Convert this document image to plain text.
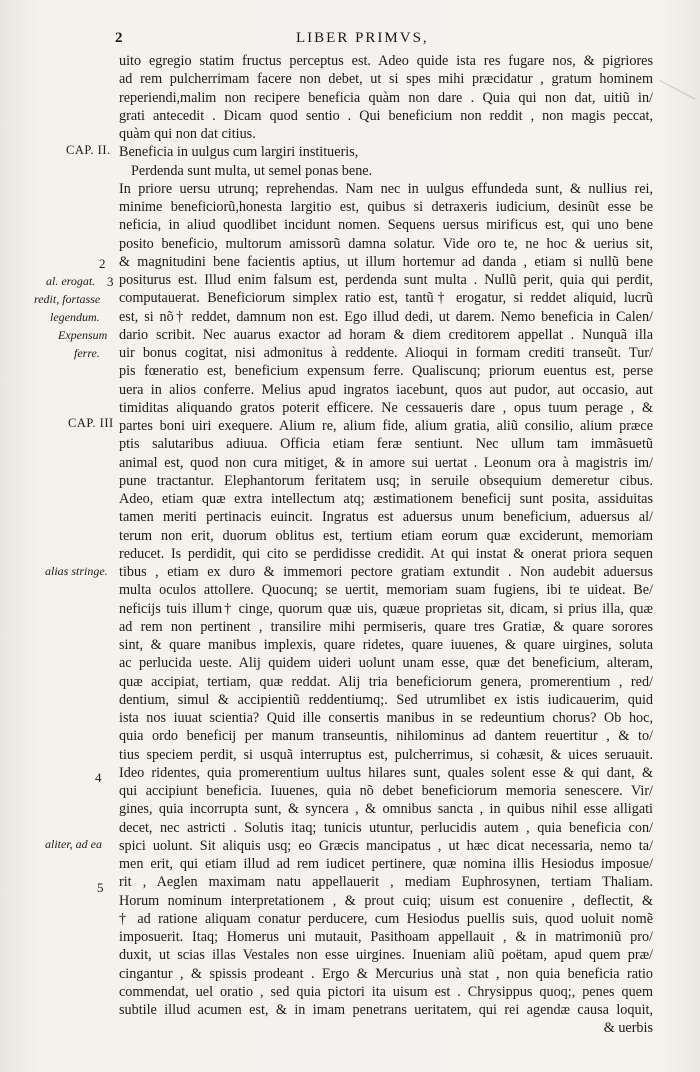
2	LIBER PRIMVS,
uito egregio statim fructus perceptus est. Adeo quide ista res fugare nos, & pigriores
ad rem pulcherrimam facere non debet, ut si spes mihi præcidatur , gratum hominem
reperiendi,malim non recipere beneficia quàm non dare . Quia qui non dat, uitiũ in/
grati antecedit . Dicam quod sentio . Qui beneficium non reddit , non magis peccat,
quàm qui non dat citius.
Beneficia in uulgus cum largiri institueris,
Perdenda sunt multa, ut semel ponas bene.
In priore uersu utrunq; reprehendas. Nam nec in uulgus effundeda sunt, & nullius rei,
minime beneficiorũ,honesta largitio est, quibus si detraxeris iudicium, desinũt esse be
neficia, in aliud quodlibet incidunt nomen. Sequens uersus mirificus est, qui uno bene
posito beneficio, multorum amissorũ damna solatur. Vide oro te, ne hoc & uerius sit,
& magnitudini bene facientis aptius, ut illum hortemur ad danda , etiam si nullũ bene
positurus est. Illud enim falsum est, perdenda sunt multa . Nullũ perit, quia qui perdit,
computauerat. Beneficiorum simplex ratio est, tantũ† erogatur, si reddet aliquid, lucrũ
est, si nõ† reddet, damnum non est. Ego illud dedi, ut darem. Nemo beneficia in Calen/
dario scribit. Nec auarus exactor ad horam & diem creditorem appellat . Nunquã illa
uir bonus cogitat, nisi admonitus à reddente. Alioqui in formam crediti transeũt. Tur/
pis fœneratio est, beneficium expensum ferre. Qualiscunq; priorum euentus est, perse
uera in alios conferre. Melius apud ingratos iacebunt, quos aut pudor, aut occasio, aut
timiditas aliquando gratos poterit efficere. Ne cessaueris dare , opus tuum perage , &
partes boni uiri exequere. Alium re, alium fide, alium gratia, aliũ consilio, alium præce
ptis salutaribus adiuua. Officia etiam feræ sentiunt. Nec ullum tam immãsuetũ
animal est, quod non cura mitiget, & in amore sui uertat . Leonum ora à magistris im/
pune tractantur. Elephantorum feritatem usq; in seruile obsequium demeretur cibus.
Adeo, etiam quæ extra intellectum atq; æstimationem beneficij sunt posita, assiduitas
tamen meriti pertinacis euincit. Ingratus est aduersus unum beneficium, aduersus al/
terum non erit, duorum oblitus est, tertium etiam eorum quæ exciderunt, memoriam
reducet. Is perdidit, qui cito se perdidisse credidit. At qui instat & onerat priora sequen
tibus , etiam ex duro & immemori pectore gratiam extundit . Non audebit aduersus
multa oculos attollere. Quocunq; se uertit, memoriam suam fugiens, ibi te uideat. Be/
neficijs tuis illum† cinge, quorum quæ uis, quæue proprietas sit, dicam, si prius illa, quæ
ad rem non pertinent , transilire mihi permiseris, quare tres Gratiæ, & quare sorores
sint, & quare manibus implexis, quare ridetes, quare iuuenes, & quare uirgines, soluta
ac perlucida ueste. Alij quidem uideri uolunt unam esse, quæ det beneficium, alteram,
quæ accipiat, tertiam, quæ reddat. Alij tria beneficiorum genera, promerentium , red/
dentium, simul & accipientiũ reddentiumq;. Sed utrumlibet ex istis iudicauerim, quid
ista nos iuuat scientia? Quid ille consertis manibus in se redeuntium chorus? Ob hoc,
quia ordo beneficij per manum transeuntis, nihilominus ad dantem reuertitur , & to/
tius speciem perdit, si usquã interruptus est, pulcherrimus, si cohæsit, & uices seruauit.
Ideo ridentes, quia promerentium uultus hilares sunt, quales solent esse & qui dant, &
qui accipiunt beneficia. Iuuenes, quia nõ debet beneficiorum memoria senescere. Vir/
gines, quia incorrupta sunt, & syncera , & omnibus sancta , in quibus nihil esse alligati
decet, nec astricti . Solutis itaq; tunicis utuntur, perlucidis autem , quia beneficia con/
spici uolunt. Sit aliquis usq; eo Græcis mancipatus , ut hæc dicat necessaria, nemo ta/
men erit, qui etiam illud ad rem iudicet pertinere, quæ nomina illis Hesiodus imposue/
rit , Aeglen maximam natu appellauerit , mediam Euphrosynen, tertiam Thaliam.
Horum nominum interpretationem , & prout cuiq; uisum est conuenire , deflectit, &
† ad ratione aliquam conatur perducere, cum Hesiodus puellis suis, quod uoluit nomẽ
imposuerit. Itaq; Homerus uni mutauit, Pasithoam appellauit , & in matrimoniũ pro/
duxit, ut scias illas Vestales non esse uirgines. Inueniam aliũ poëtam, apud quem præ/
cingantur , & spissis prodeant . Ergo & Mercurius unà stat , non quia beneficia ratio
commendat, uel oratio , sed quia pictori ita uisum est . Chrysippus quoq;, penes quem
subtile illud acumen est, & in imam penetrans ueritatem, qui rei agendæ causa loquit,
& uerbis
CAP. II.
2
al. erogat. 3
redit, fortasse
legendum.
Expensum
ferre.
CAP. III
alias stringe.
4
aliter, ad ea
5
